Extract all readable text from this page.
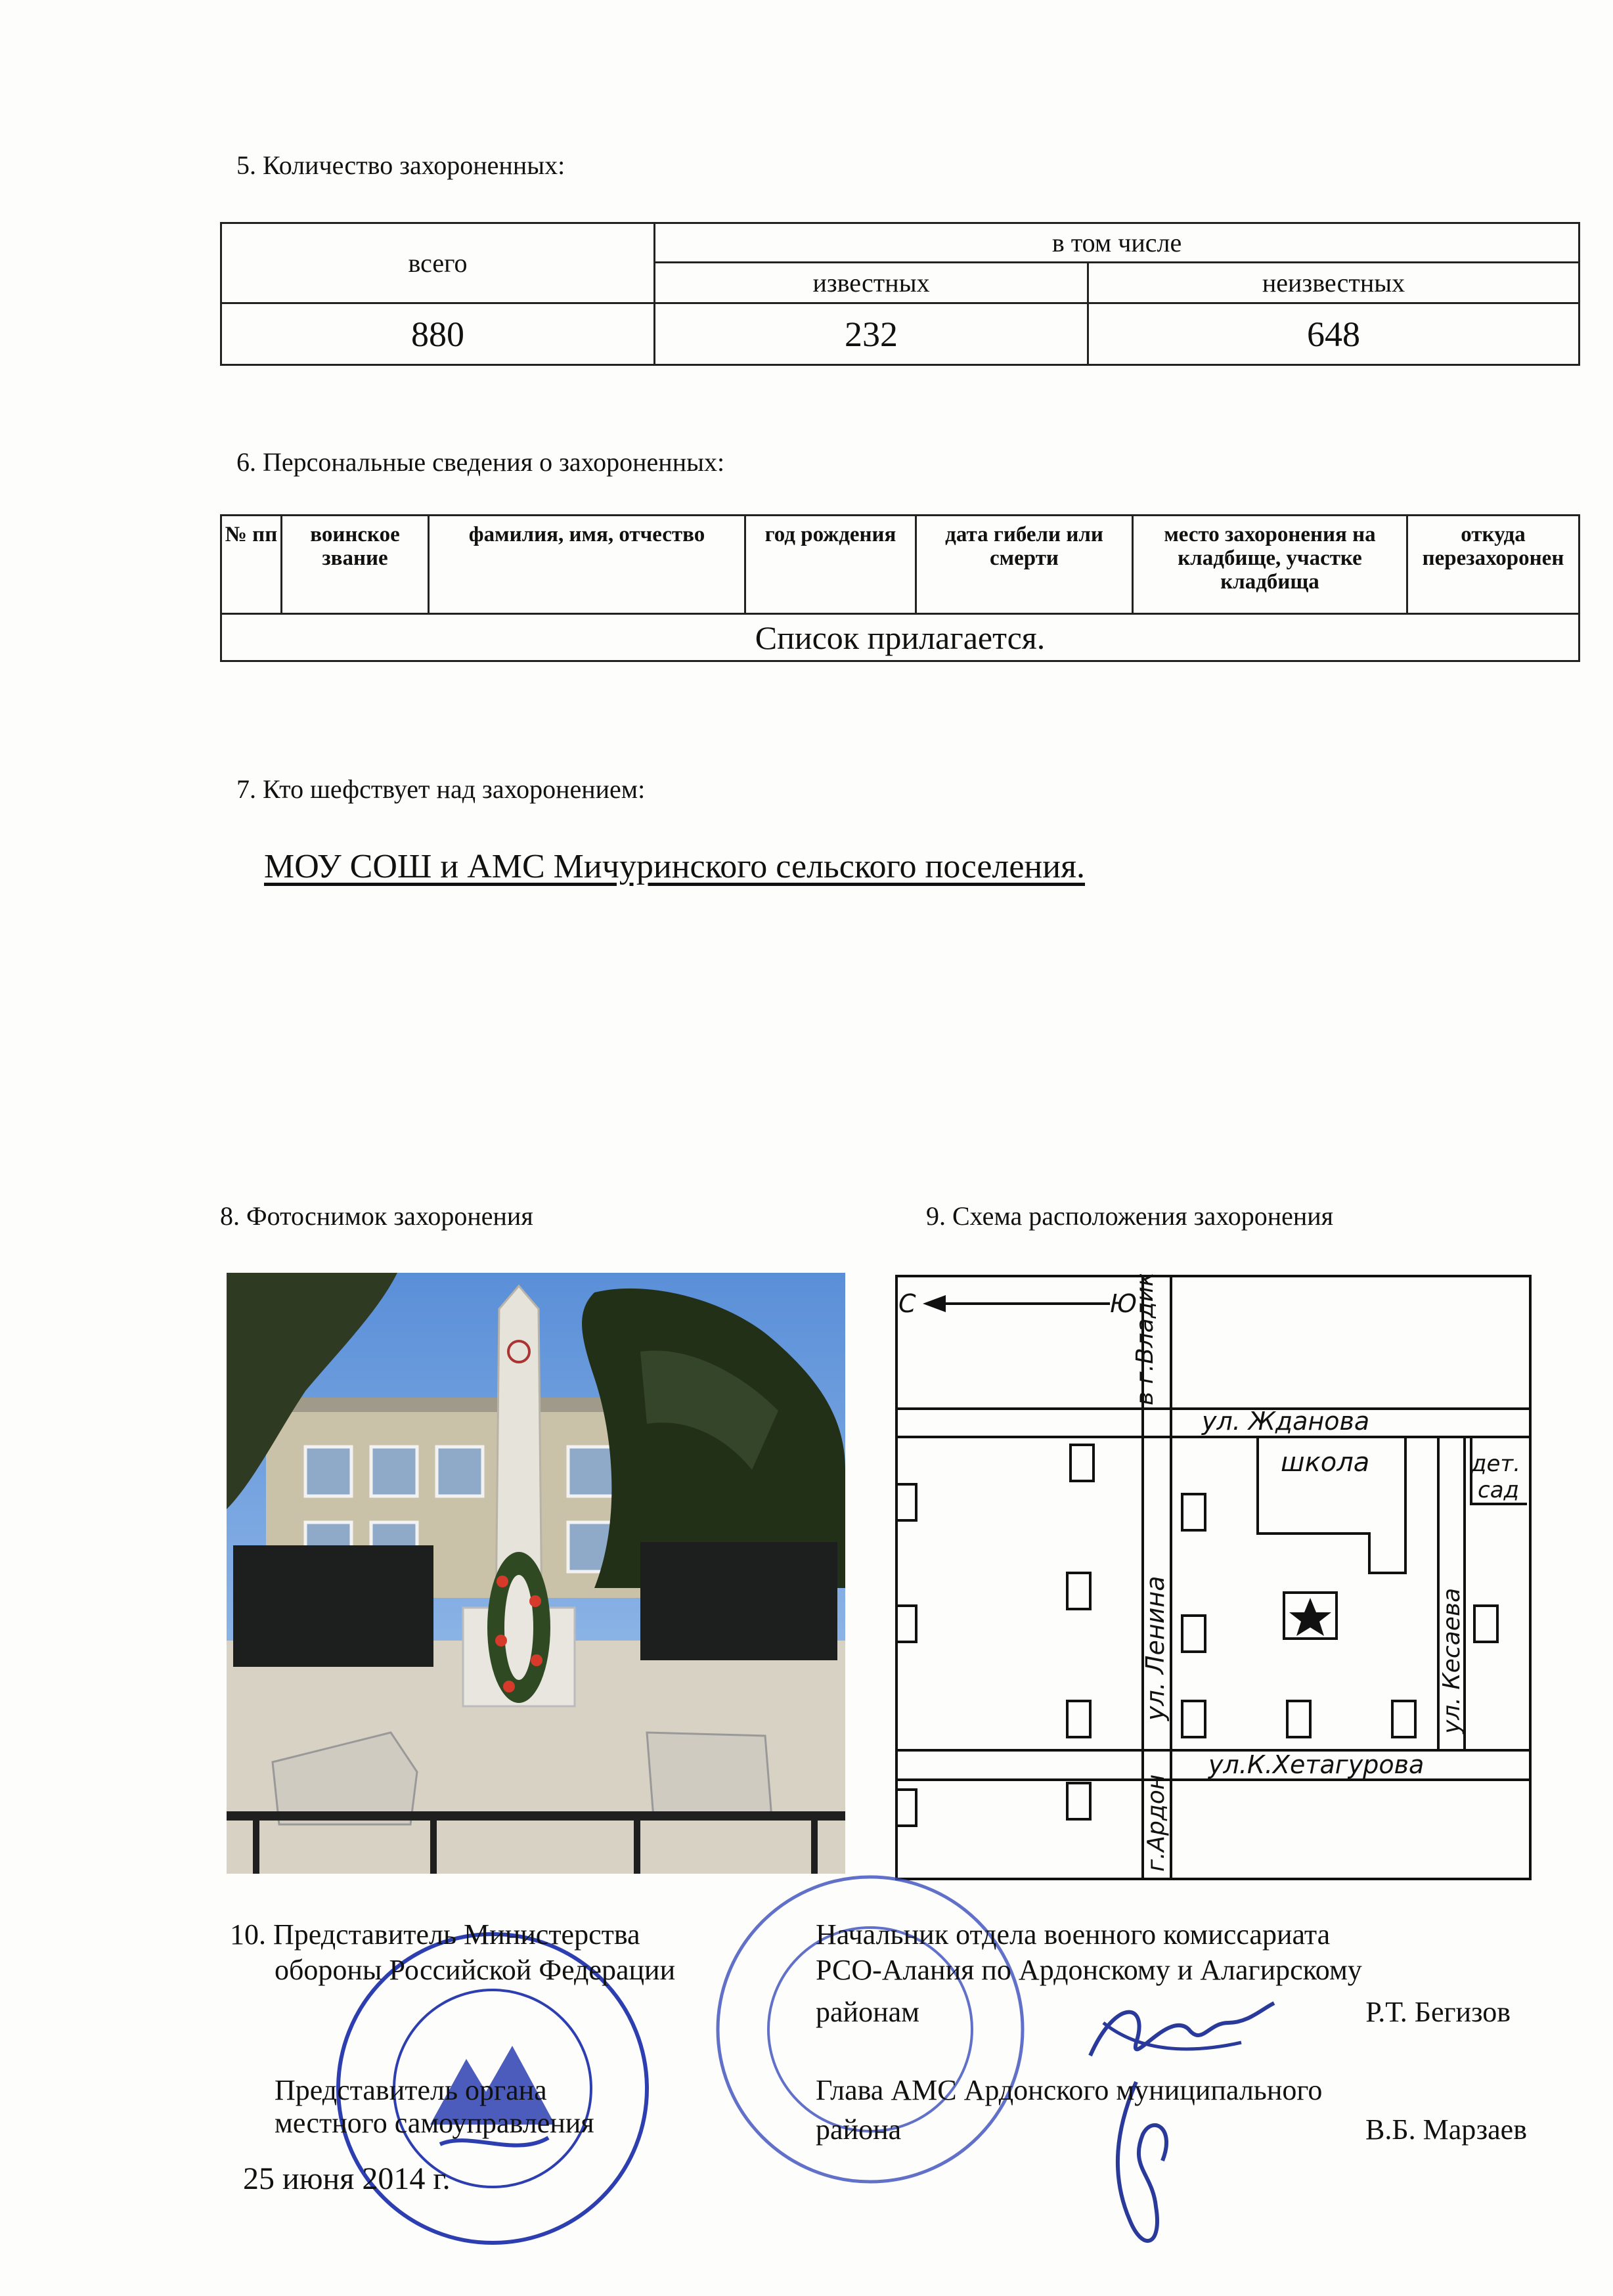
5. Количество захороненных:
всего	в том числе	
	известных	неизвестных
880	232	648
6. Персональные сведения о захороненных:
№ пп	воинское звание	фамилия, имя, отчество	год рождения	дата гибели или смерти	место захоронения на кладбище, участке кладбища	откуда перезахоронен
Список прилагается.
7. Кто шефствует над захоронением:
МОУ СОШ и АМС Мичуринского сельского поселения.
8. Фотоснимок захоронения	9. Схема расположения захоронения
С	Ю
ул. Жданова
школа	дет.
сад
ул.К.Хетагурова
в г.Владикавказ
ул. Ленина	ул. Кесаева
г.Ардон
10. Представитель Министерства
обороны Российской Федерации
Начальник отдела военного комиссариата
РСО-Алания по Ардонскому и Алагирскому
районам	Р.Т. Бегизов
Представитель органа
местного самоуправления
Глава АМС Ардонского муниципального
района	В.Б. Марзаев
25 июня 2014 г.
